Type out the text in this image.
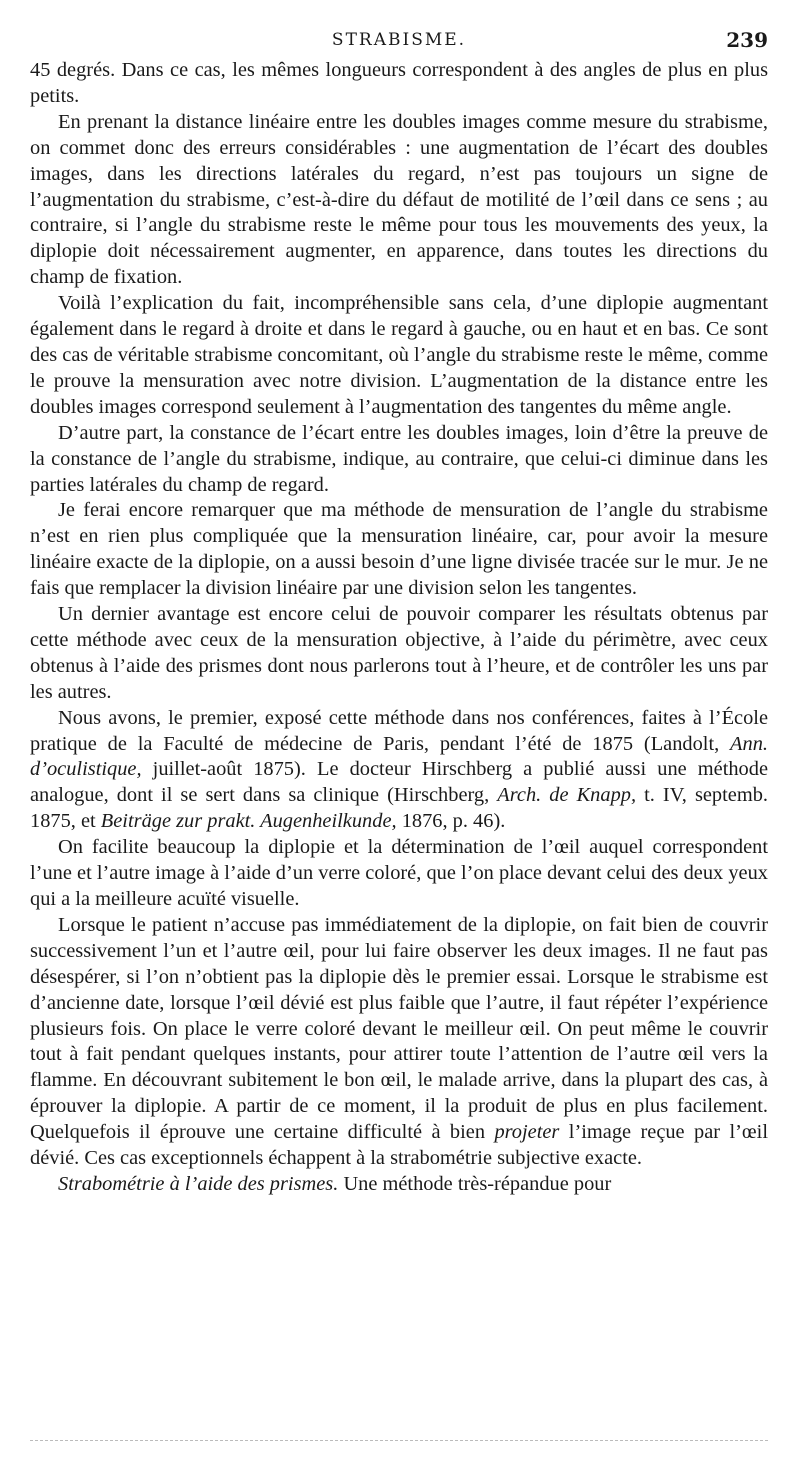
STRABISME.	239

45 degrés. Dans ce cas, les mêmes longueurs correspondent à des angles de plus en plus petits.

En prenant la distance linéaire entre les doubles images comme mesure du strabisme, on commet donc des erreurs considérables : une augmentation de l’écart des doubles images, dans les directions latérales du regard, n’est pas toujours un signe de l’augmentation du strabisme, c’est-à-dire du défaut de motilité de l’œil dans ce sens ; au contraire, si l’angle du strabisme reste le même pour tous les mouvements des yeux, la diplopie doit nécessairement augmenter, en apparence, dans toutes les directions du champ de fixation.

Voilà l’explication du fait, incompréhensible sans cela, d’une diplopie augmentant également dans le regard à droite et dans le regard à gauche, ou en haut et en bas. Ce sont des cas de véritable strabisme concomitant, où l’angle du strabisme reste le même, comme le prouve la mensuration avec notre division. L’augmentation de la distance entre les doubles images correspond seulement à l’augmentation des tangentes du même angle.

D’autre part, la constance de l’écart entre les doubles images, loin d’être la preuve de la constance de l’angle du strabisme, indique, au contraire, que celui-ci diminue dans les parties latérales du champ de regard.

Je ferai encore remarquer que ma méthode de mensuration de l’angle du strabisme n’est en rien plus compliquée que la mensuration linéaire, car, pour avoir la mesure linéaire exacte de la diplopie, on a aussi besoin d’une ligne divisée tracée sur le mur. Je ne fais que remplacer la division linéaire par une division selon les tangentes.

Un dernier avantage est encore celui de pouvoir comparer les résultats obtenus par cette méthode avec ceux de la mensuration objective, à l’aide du périmètre, avec ceux obtenus à l’aide des prismes dont nous parlerons tout à l’heure, et de contrôler les uns par les autres.

Nous avons, le premier, exposé cette méthode dans nos conférences, faites à l’École pratique de la Faculté de médecine de Paris, pendant l’été de 1875 (Landolt, Ann. d’oculistique, juillet-août 1875). Le docteur Hirschberg a publié aussi une méthode analogue, dont il se sert dans sa clinique (Hirschberg, Arch. de Knapp, t. IV, septemb. 1875, et Beiträge zur prakt. Augenheilkunde, 1876, p. 46).

On facilite beaucoup la diplopie et la détermination de l’œil auquel correspondent l’une et l’autre image à l’aide d’un verre coloré, que l’on place devant celui des deux yeux qui a la meilleure acuïté visuelle.

Lorsque le patient n’accuse pas immédiatement de la diplopie, on fait bien de couvrir successivement l’un et l’autre œil, pour lui faire observer les deux images. Il ne faut pas désespérer, si l’on n’obtient pas la diplopie dès le premier essai. Lorsque le strabisme est d’ancienne date, lorsque l’œil dévié est plus faible que l’autre, il faut répéter l’expérience plusieurs fois. On place le verre coloré devant le meilleur œil. On peut même le couvrir tout à fait pendant quelques instants, pour attirer toute l’attention de l’autre œil vers la flamme. En découvrant subitement le bon œil, le malade arrive, dans la plupart des cas, à éprouver la diplopie. A partir de ce moment, il la produit de plus en plus facilement. Quelquefois il éprouve une certaine difficulté à bien projeter l’image reçue par l’œil dévié. Ces cas exceptionnels échappent à la strabométrie subjective exacte.

Strabométrie à l’aide des prismes. Une méthode très-répandue pour
